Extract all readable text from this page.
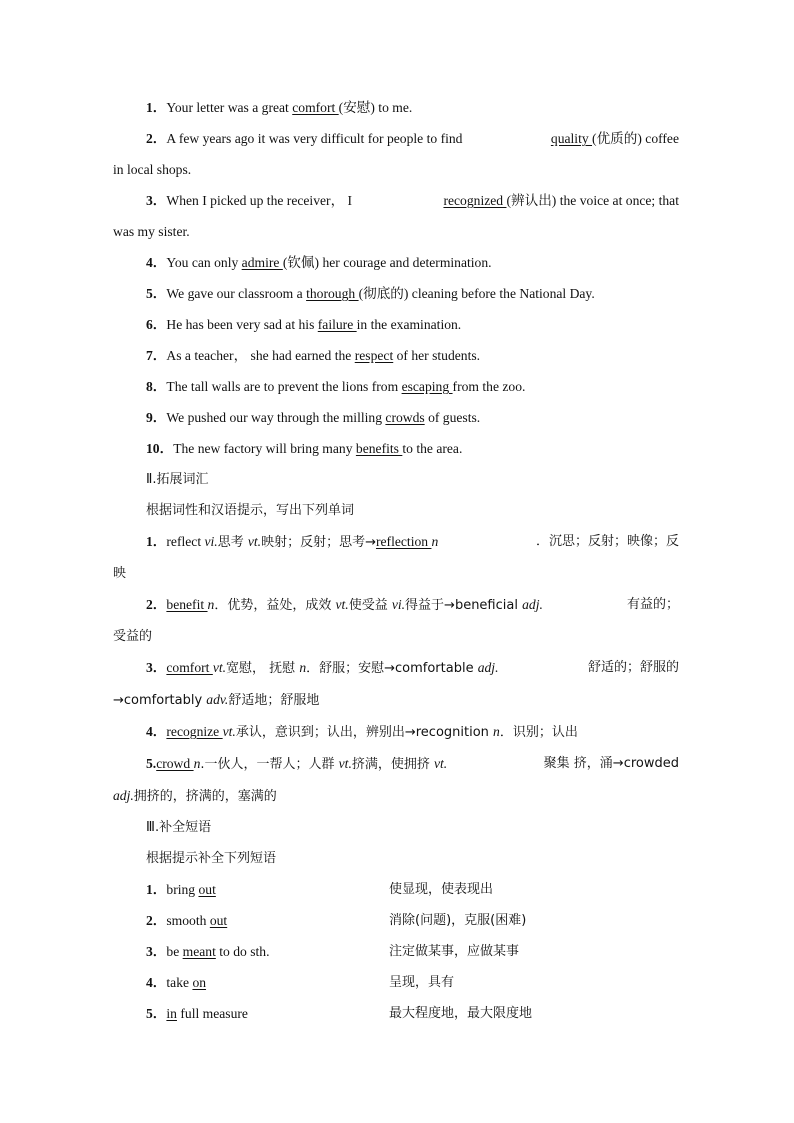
1．Your letter was a great comfort (安慰) to me.
2．A few years ago it was very difficult for people to find	quality (优质的) coffee
in local shops.
3．When I picked up the receiver， I	recognized (辨认出) the voice at once; that
was my sister.
4．You can only admire (钦佩) her courage and determination.
5．We gave our classroom a thorough (彻底的) cleaning before the National Day.
6．He has been very sad at his failure in the examination.
7．As a teacher， she had earned the respect of her students.
8．The tall walls are to prevent the lions from escaping from the zoo.
9．We pushed our way through the milling crowds of guests.
10．The new factory will bring many benefits to the area.
Ⅱ.拓展词汇
根据词性和汉语提示，写出下列单词
1．reflect vi.思考 vt.映射；反射；思考→reflection n	．沉思；反射；映像；反
映
2．benefit n．优势，益处，成效 vt.使受益 vi.得益于→beneficial adj.	有益的；
受益的
3．comfort vt.宽慰， 抚慰 n．舒服；安慰→comfortable adj.	舒适的；舒服的
→comfortably adv.舒适地；舒服地
4．recognize vt.承认，意识到；认出，辨别出→recognition n．识别；认出
5.crowd n.一伙人，一帮人；人群 vt.挤满，使拥挤 vt.	聚集 挤，涌→crowded
adj.拥挤的，挤满的，塞满的
Ⅲ.补全短语
根据提示补全下列短语
1．bring out	使显现，使表现出
2．smooth out	消除(问题)，克服(困难)
3．be meant to do sth.	注定做某事，应做某事
4．take on	呈现，具有
5．in full measure	最大程度地，最大限度地
